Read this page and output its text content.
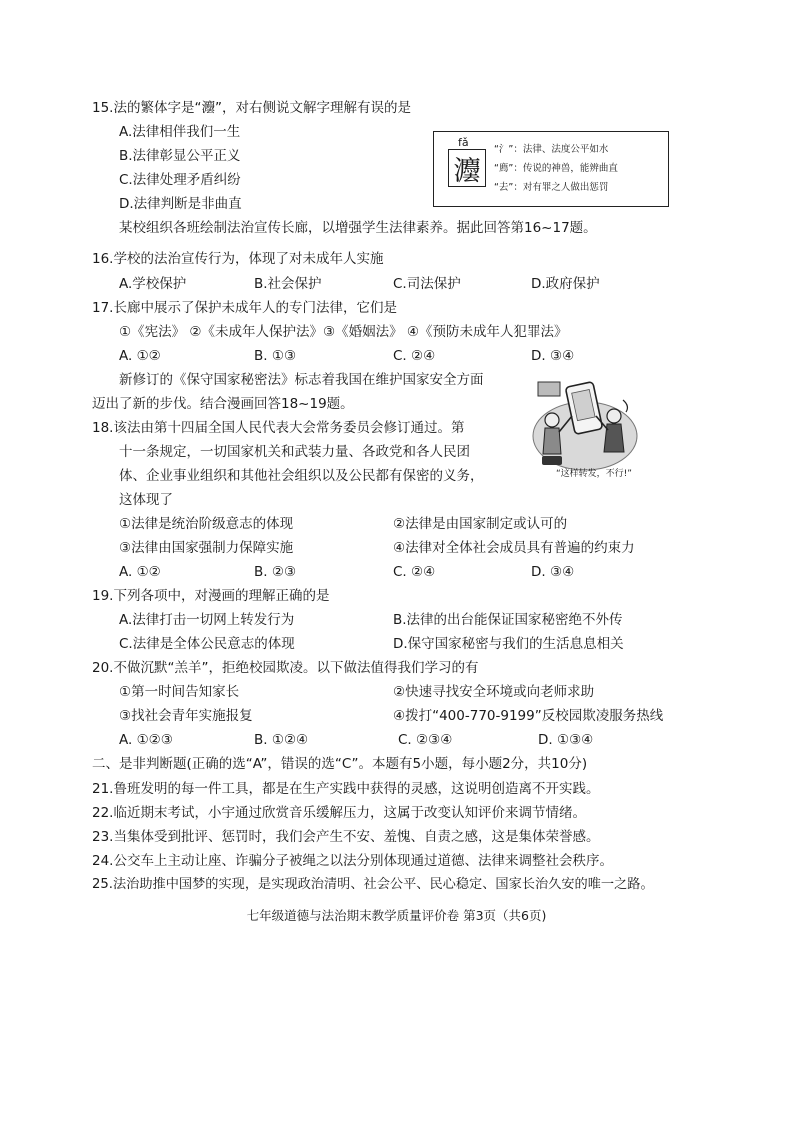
15.法的繁体字是“灋”，对右侧说文解字理解有误的是
A.法律相伴我们一生
B.法律彰显公平正义
C.法律处理矛盾纠纷
D.法律判断是非曲直
fǎ
灋
“氵”：法律、法度公平如水
“廌”：传说的神兽，能辨曲直
“去”：对有罪之人做出惩罚
某校组织各班绘制法治宣传长廊，以增强学生法律素养。据此回答第16~17题。
16.学校的法治宣传行为，体现了对未成年人实施
A.学校保护	B.社会保护	C.司法保护	D.政府保护
17.长廊中展示了保护未成年人的专门法律，它们是
①《宪法》 ②《未成年人保护法》③《婚姻法》 ④《预防未成年人犯罪法》
A. ①②	B. ①③	C. ②④	D. ③④
新修订的《保守国家秘密法》标志着我国在维护国家安全方面
迈出了新的步伐。结合漫画回答18~19题。
“这样转发，不行!”
18.该法由第十四届全国人民代表大会常务委员会修订通过。第
十一条规定，一切国家机关和武装力量、各政党和各人民团
体、企业事业组织和其他社会组织以及公民都有保密的义务，
这体现了
①法律是统治阶级意志的体现	②法律是由国家制定或认可的
③法律由国家强制力保障实施	④法律对全体社会成员具有普遍的约束力
A. ①②	B. ②③	C. ②④	D. ③④
19.下列各项中，对漫画的理解正确的是
A.法律打击一切网上转发行为	B.法律的出台能保证国家秘密绝不外传
C.法律是全体公民意志的体现	D.保守国家秘密与我们的生活息息相关
20.不做沉默“羔羊”，拒绝校园欺凌。以下做法值得我们学习的有
①第一时间告知家长	②快速寻找安全环境或向老师求助
③找社会青年实施报复	④拨打“400-770-9199”反校园欺凌服务热线
A. ①②③	B. ①②④	C. ②③④	D. ①③④
二、是非判断题(正确的选“A”，错误的选“C”。本题有5小题，每小题2分，共10分)
21.鲁班发明的每一件工具，都是在生产实践中获得的灵感，这说明创造离不开实践。
22.临近期末考试，小宇通过欣赏音乐缓解压力，这属于改变认知评价来调节情绪。
23.当集体受到批评、惩罚时，我们会产生不安、羞愧、自责之感，这是集体荣誉感。
24.公交车上主动让座、诈骗分子被绳之以法分别体现通过道德、法律来调整社会秩序。
25.法治助推中国梦的实现，是实现政治清明、社会公平、民心稳定、国家长治久安的唯一之路。
七年级道德与法治期末教学质量评价卷 第3页（共6页)
